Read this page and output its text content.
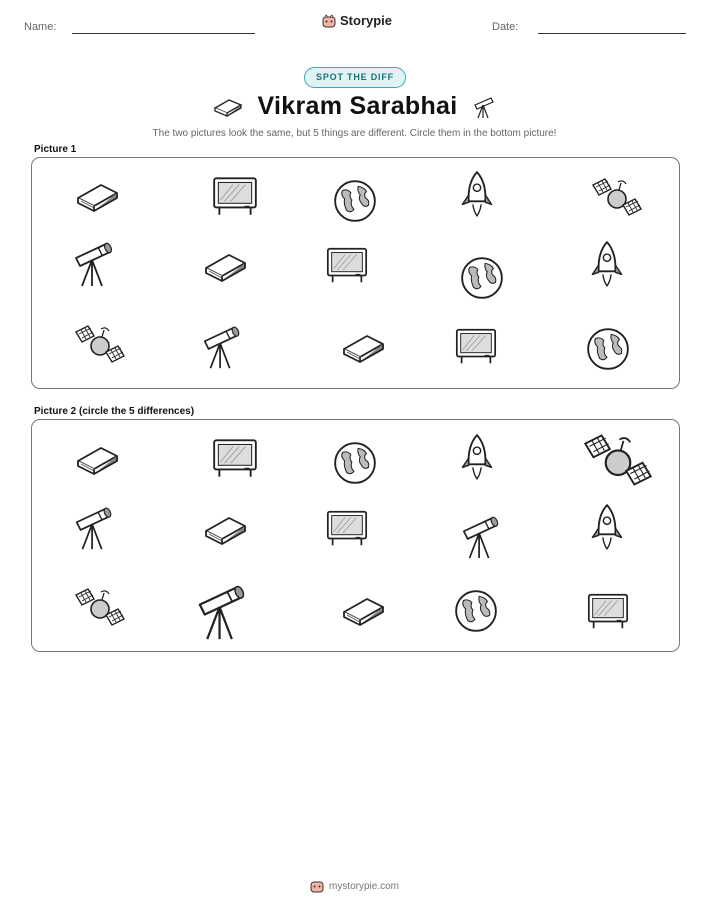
Name:	Storypie	Date:
SPOT THE DIFF
Vikram Sarabhai
The two pictures look the same, but 5 things are different. Circle them in the bottom picture!
Picture 1
Picture 2 (circle the 5 differences)
mystorypie.com
